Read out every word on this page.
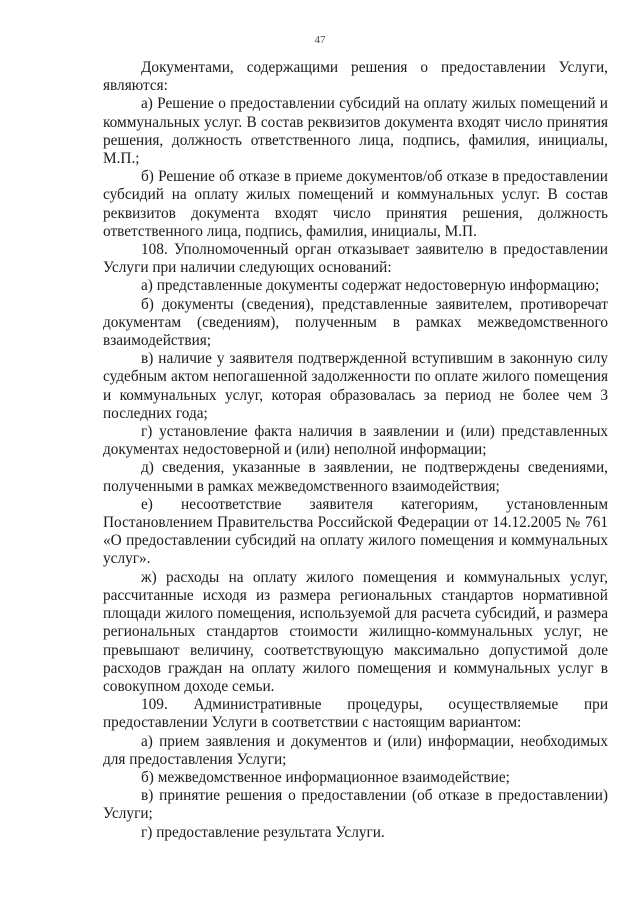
47

Документами, содержащими решения о предоставлении Услуги, являются:

а) Решение о предоставлении субсидий на оплату жилых помещений и коммунальных услуг. В состав реквизитов документа входят число принятия решения, должность ответственного лица, подпись, фамилия, инициалы, М.П.;

б) Решение об отказе в приеме документов/об отказе в предоставлении субсидий на оплату жилых помещений и коммунальных услуг. В состав реквизитов документа входят число принятия решения, должность ответственного лица, подпись, фамилия, инициалы, М.П.

108. Уполномоченный орган отказывает заявителю в предоставлении Услуги при наличии следующих оснований:

а) представленные документы содержат недостоверную информацию;

б) документы (сведения), представленные заявителем, противоречат документам (сведениям), полученным в рамках межведомственного взаимодействия;

в) наличие у заявителя подтвержденной вступившим в законную силу судебным актом непогашенной задолженности по оплате жилого помещения и коммунальных услуг, которая образовалась за период не более чем 3 последних года;

г) установление факта наличия в заявлении и (или) представленных документах недостоверной и (или) неполной информации;

д) сведения, указанные в заявлении, не подтверждены сведениями, полученными в рамках межведомственного взаимодействия;

е) несоответствие заявителя категориям, установленным Постановлением Правительства Российской Федерации от 14.12.2005 № 761 «О предоставлении субсидий на оплату жилого помещения и коммунальных услуг».

ж) расходы на оплату жилого помещения и коммунальных услуг, рассчитанные исходя из размера региональных стандартов нормативной площади жилого помещения, используемой для расчета субсидий, и размера региональных стандартов стоимости жилищно-коммунальных услуг, не превышают величину, соответствующую максимально допустимой доле расходов граждан на оплату жилого помещения и коммунальных услуг в совокупном доходе семьи.

109. Административные процедуры, осуществляемые при предоставлении Услуги в соответствии с настоящим вариантом:

а) прием заявления и документов и (или) информации, необходимых для предоставления Услуги;

б) межведомственное информационное взаимодействие;

в) принятие решения о предоставлении (об отказе в предоставлении) Услуги;

г) предоставление результата Услуги.
